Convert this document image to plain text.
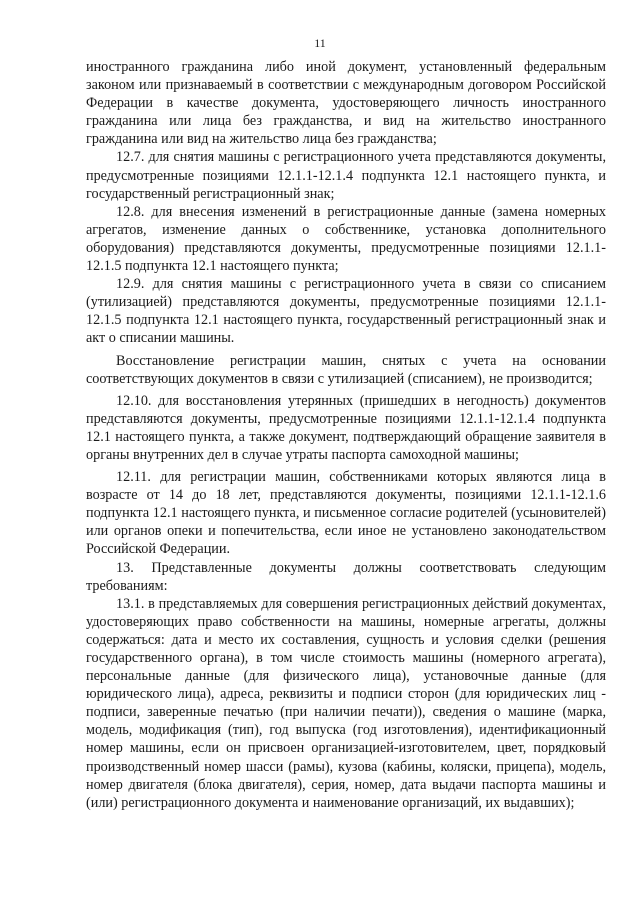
11

иностранного гражданина либо иной документ, установленный федеральным законом или признаваемый в соответствии с международным договором Российской Федерации в качестве документа, удостоверяющего личность иностранного гражданина или лица без гражданства, и вид на жительство иностранного гражданина или вид на жительство лица без гражданства;

12.7. для снятия машины с регистрационного учета представляются документы, предусмотренные позициями 12.1.1-12.1.4 подпункта 12.1 настоящего пункта, и государственный регистрационный знак;

12.8. для внесения изменений в регистрационные данные (замена номерных агрегатов, изменение данных о собственнике, установка дополнительного оборудования) представляются документы, предусмотренные позициями 12.1.1-12.1.5 подпункта 12.1 настоящего пункта;

12.9. для снятия машины с регистрационного учета в связи со списанием (утилизацией) представляются документы, предусмотренные позициями 12.1.1-12.1.5 подпункта 12.1 настоящего пункта, государственный регистрационный знак и акт о списании машины.

Восстановление регистрации машин, снятых с учета на основании соответствующих документов в связи с утилизацией (списанием), не производится;

12.10. для восстановления утерянных (пришедших в негодность) документов представляются документы, предусмотренные позициями 12.1.1-12.1.4 подпункта 12.1 настоящего пункта, а также документ, подтверждающий обращение заявителя в органы внутренних дел в случае утраты паспорта самоходной машины;

12.11. для регистрации машин, собственниками которых являются лица в возрасте от 14 до 18 лет, представляются документы, позициями 12.1.1-12.1.6 подпункта 12.1 настоящего пункта, и письменное согласие родителей (усыновителей) или органов опеки и попечительства, если иное не установлено законодательством Российской Федерации.

13. Представленные документы должны соответствовать следующим требованиям:

13.1. в представляемых для совершения регистрационных действий документах, удостоверяющих право собственности на машины, номерные агрегаты, должны содержаться: дата и место их составления, сущность и условия сделки (решения государственного органа), в том числе стоимость машины (номерного агрегата), персональные данные (для физического лица), установочные данные (для юридического лица), адреса, реквизиты и подписи сторон (для юридических лиц - подписи, заверенные печатью (при наличии печати)), сведения о машине (марка, модель, модификация (тип), год выпуска (год изготовления), идентификационный номер машины, если он присвоен организацией-изготовителем, цвет, порядковый производственный номер шасси (рамы), кузова (кабины, коляски, прицепа), модель, номер двигателя (блока двигателя), серия, номер, дата выдачи паспорта машины и (или) регистрационного документа и наименование организаций, их выдавших);
